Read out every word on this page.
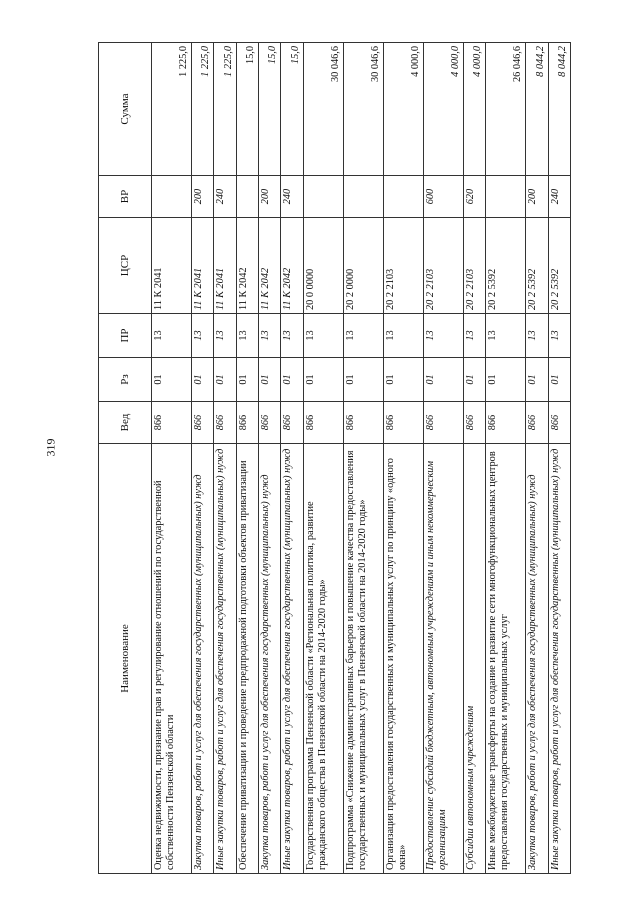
319
Наименование	Вед	Рз	ПР	ЦСР	ВР	Сумма
Оценка недвижимости, признание прав и регулирование отношений по государственной собственности Пензенской области	866	01	13	11 К 2041		1 225,0
Закупка товаров, работ и услуг для обеспечения государственных (муниципальных) нужд	866	01	13	11 К 2041	200	1 225,0
Иные закупки товаров, работ и услуг для обеспечения государственных (муниципальных) нужд	866	01	13	11 К 2041	240	1 225,0
Обеспечение приватизации и проведение предпродажной подготовки объектов приватизации	866	01	13	11 К 2042		15,0
Закупка товаров, работ и услуг для обеспечения государственных (муниципальных) нужд	866	01	13	11 К 2042	200	15,0
Иные закупки товаров, работ и услуг для обеспечения государственных (муниципальных) нужд	866	01	13	11 К 2042	240	15,0
Государственная программа Пензенской области «Региональная политика, развитие гражданского общества в Пензенской области на 2014-2020 годы»	866	01	13	20 0 0000		30 046,6
Подпрограмма «Снижение административных барьеров и повышение качества предоставления государственных и муниципальных услуг в Пензенской области на 2014-2020 годы»	866	01	13	20 2 0000		30 046,6
Организация предоставления государственных и муниципальных услуг по принципу «одного окна»	866	01	13	20 2 2103		4 000,0
Предоставление субсидий бюджетным, автономным учреждениям и иным некоммерческим организациям	866	01	13	20 2 2103	600	4 000,0
Субсидии автономным учреждениям	866	01	13	20 2 2103	620	4 000,0
Иные межбюджетные трансферты на создание и развитие сети многофункциональных центров предоставления государственных и муниципальных услуг	866	01	13	20 2 5392		26 046,6
Закупка товаров, работ и услуг для обеспечения государственных (муниципальных) нужд	866	01	13	20 2 5392	200	8 044,2
Иные закупки товаров, работ и услуг для обеспечения государственных (муниципальных) нужд	866	01	13	20 2 5392	240	8 044,2
